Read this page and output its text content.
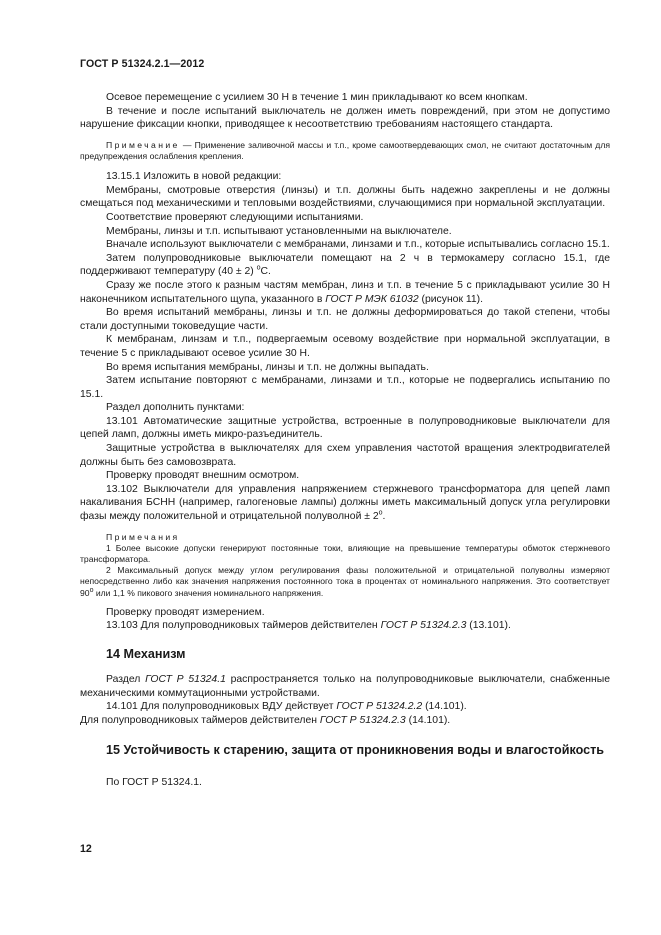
ГОСТ Р 51324.2.1—2012

Осевое перемещение с усилием 30 Н в течение 1 мин прикладывают ко всем кнопкам.

В течение и после испытаний выключатель не должен иметь повреждений, при этом не допустимо нарушение фиксации кнопки, приводящее к несоответствию требованиям настоящего стандарта.

Примечание — Применение заливочной массы и т.п., кроме самоотвердевающих смол, не считают достаточным для предупреждения ослабления крепления.

13.15.1 Изложить в новой редакции:

Мембраны, смотровые отверстия (линзы) и т.п. должны быть надежно закреплены и не должны смещаться под механическими и тепловыми воздействиями, случающимися при нормальной эксплуатации.

Соответствие проверяют следующими испытаниями.

Мембраны, линзы и т.п. испытывают установленными на выключателе.

Вначале используют выключатели с мембранами, линзами и т.п., которые испытывались согласно 15.1.

Затем полупроводниковые выключатели помещают на 2 ч в термокамеру согласно 15.1, где поддерживают температуру (40 ± 2) $^о$С.

Сразу же после этого к разным частям мембран, линз и т.п. в течение 5 с прикладывают усилие 30 Н наконечником испытательного щупа, указанного в ГОСТ Р МЭК 61032 (рисунок 11).

Во время испытаний мембраны, линзы и т.п. не должны деформироваться до такой степени, чтобы стали доступными токоведущие части.

К мембранам, линзам и т.п., подвергаемым осевому воздействие при нормальной эксплуатации, в течение 5 с прикладывают осевое усилие 30 Н.

Во время испытания мембраны, линзы и т.п. не должны выпадать.

Затем испытание повторяют с мембранами, линзами и т.п., которые не подвергались испытанию по 15.1.

Раздел дополнить пунктами:

13.101 Автоматические защитные устройства, встроенные в полупроводниковые выключатели для цепей ламп, должны иметь микро-разъединитель.

Защитные устройства в выключателях для схем управления частотой вращения электродвигателей должны быть без самовозврата.

Проверку проводят внешним осмотром.

13.102 Выключатели для управления напряжением стержневого трансформатора для цепей ламп накаливания БСНН (например, галогеновые лампы) должны иметь максимальный допуск угла регулировки фазы между положительной и отрицательной полуволной ± $2^о$.

Примечания

1 Более высокие допуски генерируют постоянные токи, влияющие на превышение температуры обмоток стержневого трансформатора.

2 Максимальный допуск между углом регулирования фазы положительной и отрицательной полуволны измеряют непосредственно либо как значения напряжения постоянного тока в процентах от номинального напряжения. Это соответствует $90^о$ или 1,1 % пикового значения номинального напряжения.

Проверку проводят измерением.

13.103 Для полупроводниковых таймеров действителен ГОСТ Р 51324.2.3 (13.101).

14 Механизм

Раздел ГОСТ Р 51324.1 распространяется только на полупроводниковые выключатели, снабженные механическими коммутационными устройствами.

14.101 Для полупроводниковых ВДУ действует ГОСТ Р 51324.2.2 (14.101).

Для полупроводниковых таймеров действителен ГОСТ Р 51324.2.3 (14.101).

15 Устойчивость к старению, защита от проникновения воды и влагостойкость

По ГОСТ Р 51324.1.

12
